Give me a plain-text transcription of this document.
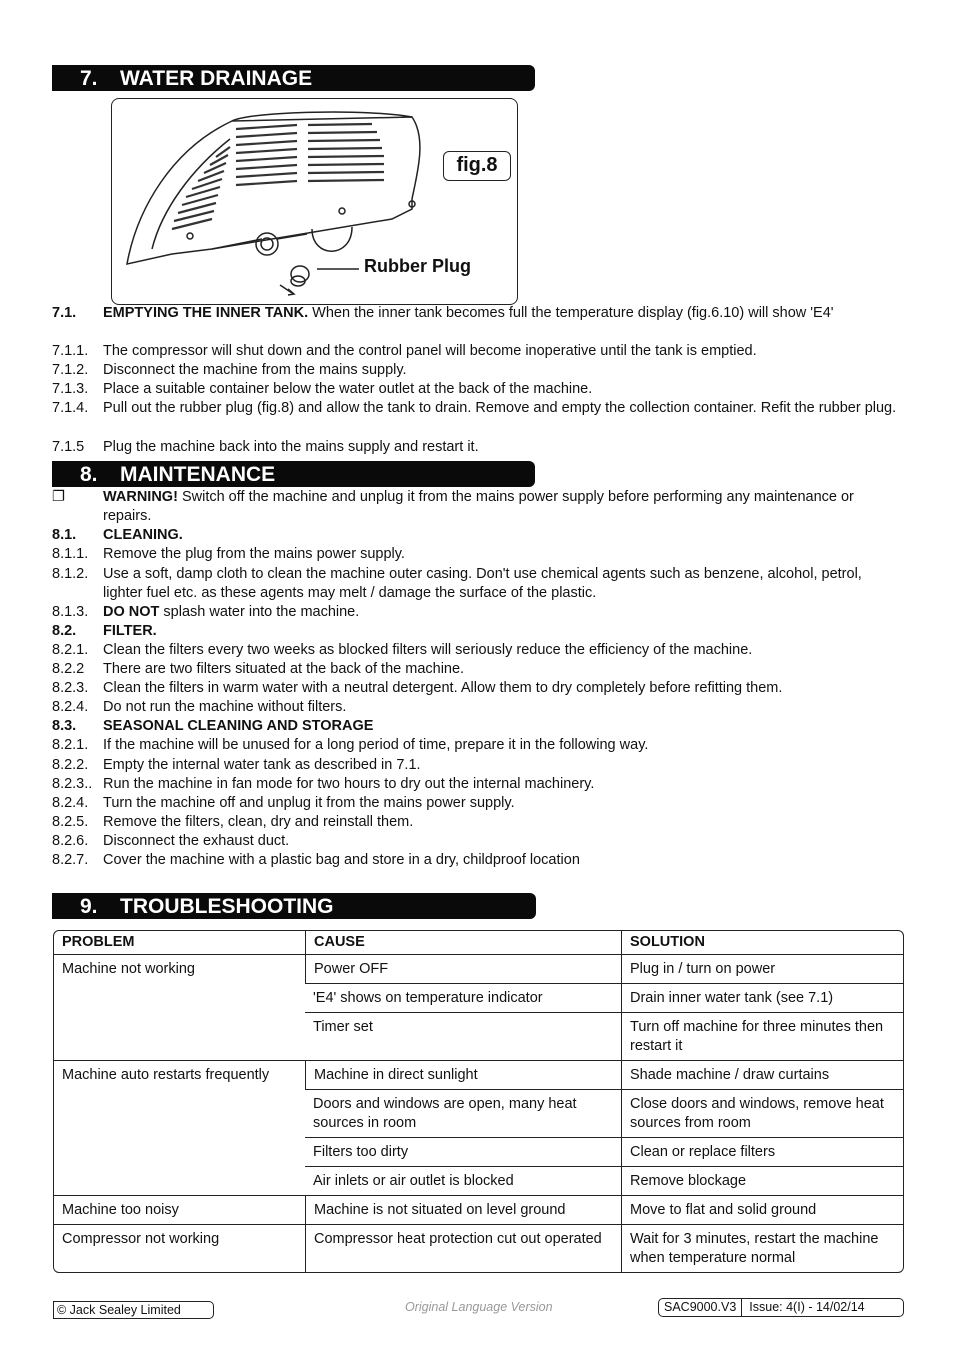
7. WATER DRAINAGE
fig.8
Rubber Plug
7.1. EMPTYING THE INNER TANK. When the inner tank becomes full the temperature display (fig.6.10) will show 'E4'
7.1.1. The compressor will shut down and the control panel will become inoperative until the tank is emptied.
7.1.2. Disconnect the machine from the mains supply.
7.1.3. Place a suitable container below the water outlet at the back of the machine.
7.1.4. Pull out the rubber plug (fig.8) and allow the tank to drain. Remove and empty the collection container. Refit the rubber plug.
7.1.5 Plug the machine back into the mains supply and restart it.
8. MAINTENANCE
❐	WARNING! Switch off the machine and unplug it from the mains power supply before performing any maintenance or repairs.
8.1. CLEANING.
8.1.1. Remove the plug from the mains power supply.
8.1.2. Use a soft, damp cloth to clean the machine outer casing. Don't use chemical agents such as benzene, alcohol, petrol, lighter fuel etc. as these agents may melt / damage the surface of the plastic.
8.1.3. DO NOT splash water into the machine.
8.2. FILTER.
8.2.1. Clean the filters every two weeks as blocked filters will seriously reduce the efficiency of the machine.
8.2.2 There are two filters situated at the back of the machine.
8.2.3. Clean the filters in warm water with a neutral detergent. Allow them to dry completely before refitting them.
8.2.4. Do not run the machine without filters.
8.3. SEASONAL CLEANING AND STORAGE
8.2.1. If the machine will be unused for a long period of time, prepare it in the following way.
8.2.2. Empty the internal water tank as described in 7.1.
8.2.3.. Run the machine in fan mode for two hours to dry out the internal machinery.
8.2.4. Turn the machine off and unplug it from the mains power supply.
8.2.5. Remove the filters, clean, dry and reinstall them.
8.2.6. Disconnect the exhaust duct.
8.2.7. Cover the machine with a plastic bag and store in a dry, childproof location
9. TROUBLESHOOTING
PROBLEM	CAUSE	SOLUTION
Machine not working	Power OFF	Plug in / turn on power
	'E4' shows on temperature indicator	Drain inner water tank (see 7.1)
	Timer set	Turn off machine for three minutes then restart it
Machine auto restarts frequently	Machine in direct sunlight	Shade machine / draw curtains
	Doors and windows are open, many heat sources in room	Close doors and windows, remove heat sources from room
	Filters too dirty	Clean or replace filters
	Air inlets or air outlet is blocked	Remove blockage
Machine too noisy	Machine is not situated on level ground	Move to flat and solid ground
Compressor not working	Compressor heat protection cut out operated	Wait for 3 minutes, restart the machine when temperature normal
© Jack Sealey Limited	Original Language Version	SAC9000.V3 Issue: 4(I) - 14/02/14
